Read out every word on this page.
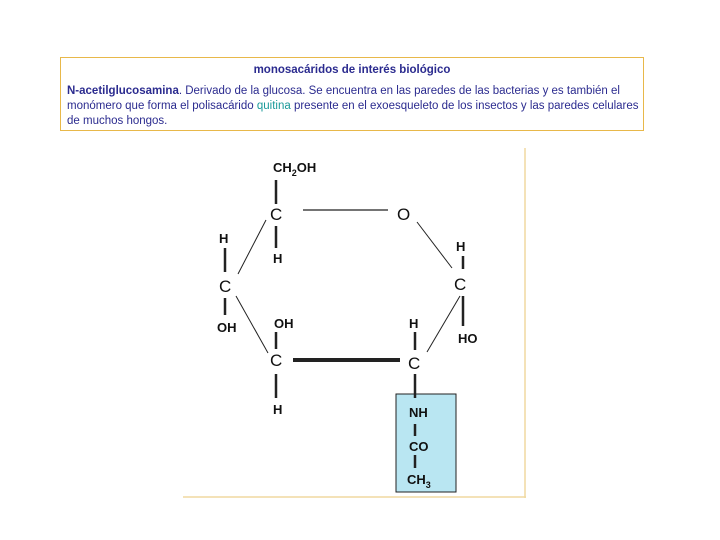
monosacáridos de interés biológico
N-acetilglucosamina. Derivado de la glucosa. Se encuentra en las paredes de las bacterias y es también el monómero que forma el polisacárido quitina presente en el exoesqueleto de los insectos y las paredes celulares de muchos hongos.
$CH_2OH$
C	O
H
H
H
C	C
OH	OH	H
HO
C	C
H	NH
CO
$CH_3$
